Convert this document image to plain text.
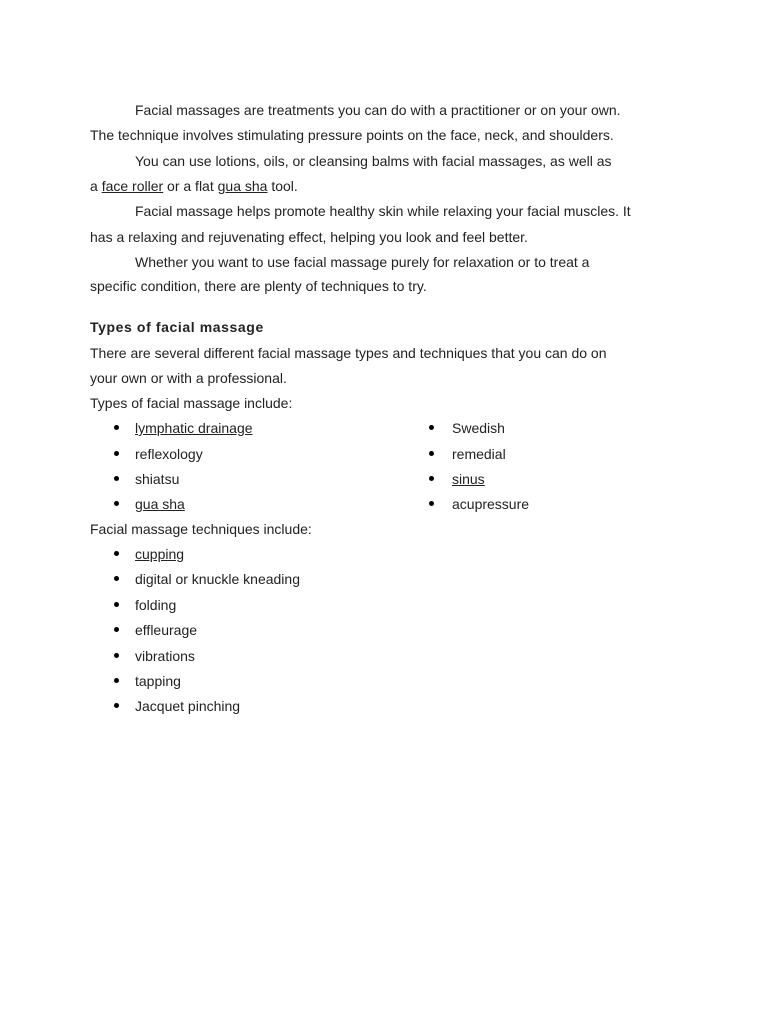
Facial massages are treatments you can do with a practitioner or on your own.
The technique involves stimulating pressure points on the face, neck, and shoulders.
You can use lotions, oils, or cleansing balms with facial massages, as well as
a face roller or a flat gua sha tool.
Facial massage helps promote healthy skin while relaxing your facial muscles. It
has a relaxing and rejuvenating effect, helping you look and feel better.
Whether you want to use facial massage purely for relaxation or to treat a
specific condition, there are plenty of techniques to try.
Types of facial massage
There are several different facial massage types and techniques that you can do on
your own or with a professional.
Types of facial massage include:
lymphatic drainage
reflexology
shiatsu
gua sha
Swedish
remedial
sinus
acupressure
Facial massage techniques include:
cupping
digital or knuckle kneading
folding
effleurage
vibrations
tapping
Jacquet pinching
